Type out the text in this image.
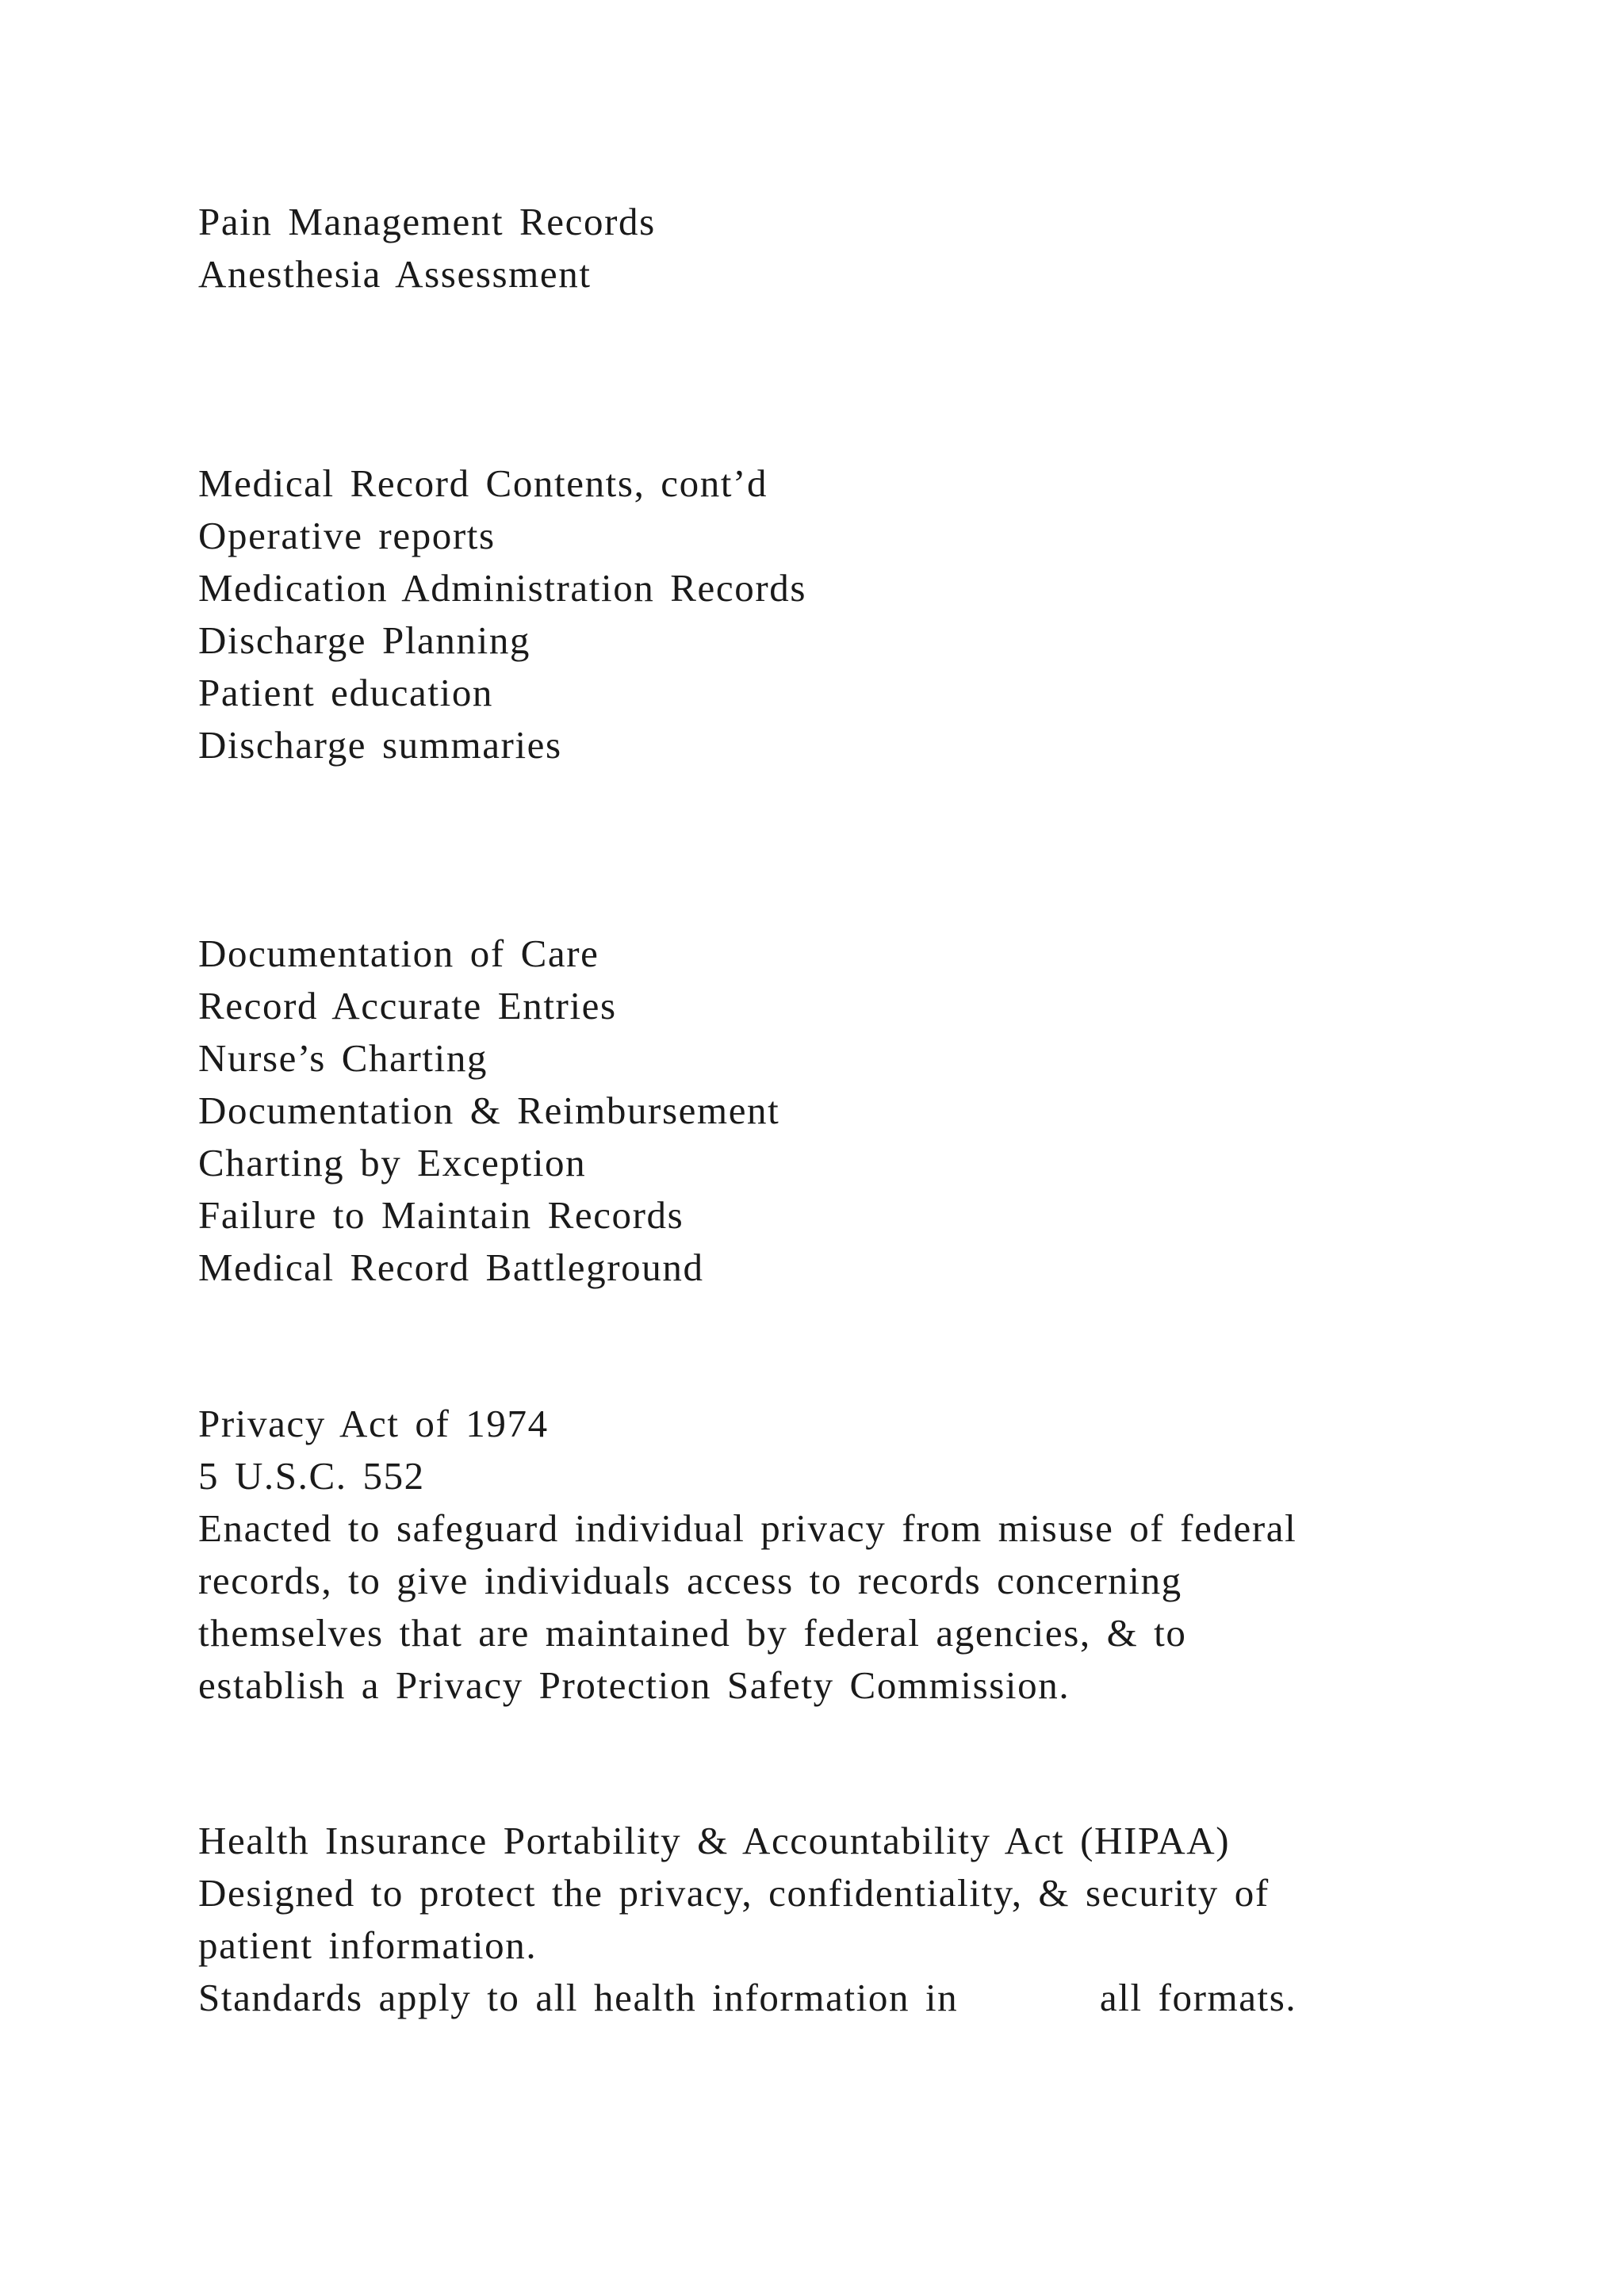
Pain Management Records
Anesthesia Assessment
Medical Record Contents, cont’d
Operative reports
Medication Administration Records
Discharge Planning
Patient education
Discharge summaries
Documentation of Care
Record Accurate Entries
Nurse’s Charting
Documentation & Reimbursement
Charting by Exception
Failure to Maintain Records
Medical Record Battleground
Privacy Act of 1974
5 U.S.C. 552
Enacted to safeguard individual privacy from misuse of federal
records, to give individuals access to records concerning
themselves that are maintained by federal agencies, & to
establish a Privacy Protection Safety Commission.
Health Insurance Portability & Accountability Act (HIPAA)
Designed to protect the privacy, confidentiality, & security of
patient information.
Standards apply to all health information in         all formats.
